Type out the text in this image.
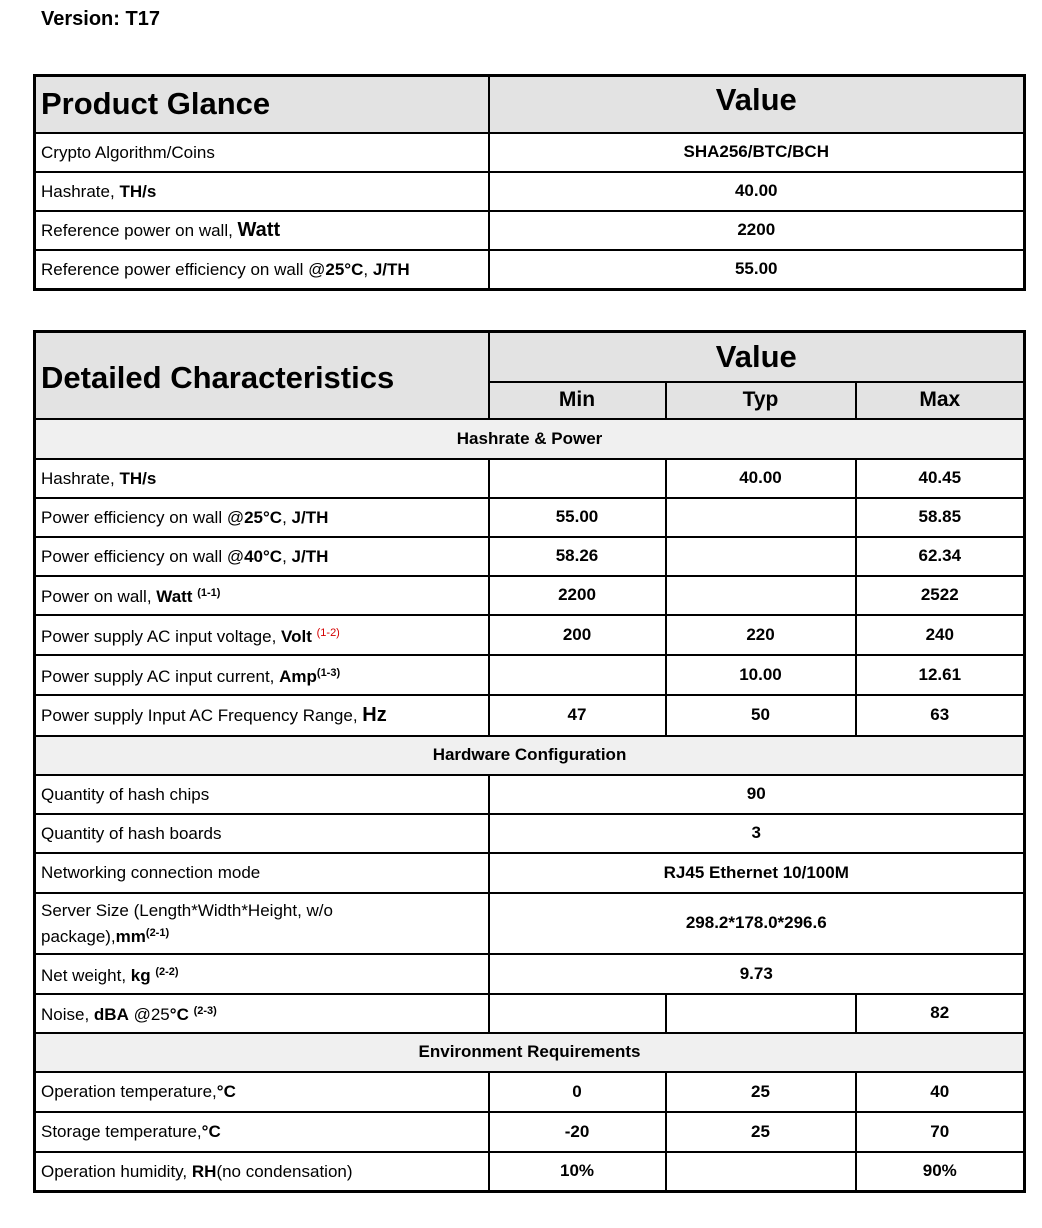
Version: T17
Product Glance	Value
Crypto Algorithm/Coins	SHA256/BTC/BCH
Hashrate, TH/s	40.00
Reference power on wall, Watt	2200
Reference power efficiency on wall @25°C, J/TH	55.00
Detailed Characteristics	Value		
	Min	Typ	Max
Hashrate & Power			
Hashrate, TH/s		40.00	40.45
Power efficiency on wall @25°C, J/TH	55.00		58.85
Power efficiency on wall @40°C, J/TH	58.26		62.34
Power on wall, Watt $^{(1-1)}$	2200		2522
Power supply AC input voltage, Volt $^{(1-2)}$	200	220	240
Power supply AC input current, Amp$^{(1-3)}$		10.00	12.61
Power supply Input AC Frequency Range, Hz	47	50	63
Hardware Configuration			
Quantity of hash chips	90		
Quantity of hash boards	3		
Networking connection mode	RJ45 Ethernet 10/100M		
Server Size (Length*Width*Height, w/o
$package),mm^{(2-1)}$	298.2*178.0*296.6		
Net weight, kg $^{(2-2)}$	9.73		
Noise, dBA @25°C $^{(2-3)}$			82
Environment Requirements			
Operation temperature,°C	0	25	40
Storage temperature,°C	-20	25	70
Operation humidity, RH(no condensation)	10%		90%
